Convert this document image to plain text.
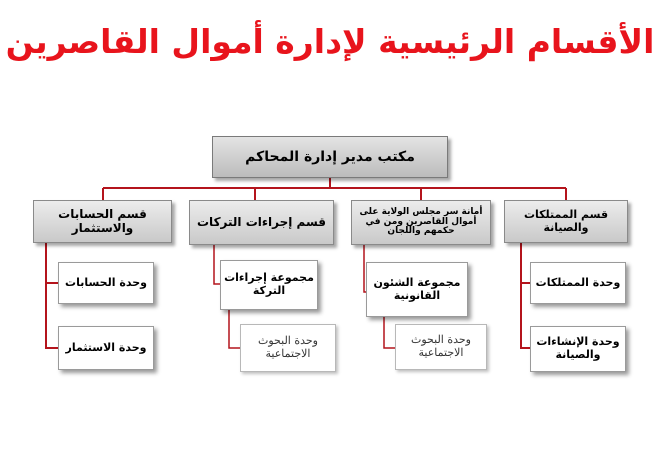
الأقسام الرئيسية لإدارة أموال القاصرين
مكتب مدير إدارة المحاكم
قسم الممتلكات والصيانة
وحدة الممتلكات
وحدة الإنشاءات والصيانة
أمانة سر مجلس الولاية على أموال القاصرين ومن في حكمهم واللجان
مجموعة الشئون القانونية
وحدة البحوث الاجتماعية
قسم إجراءات التركات
مجموعة إجراءات التركة
وحدة البحوث الاجتماعية
قسم الحسابات والاستثمار
وحدة الحسابات
وحدة الاستثمار
